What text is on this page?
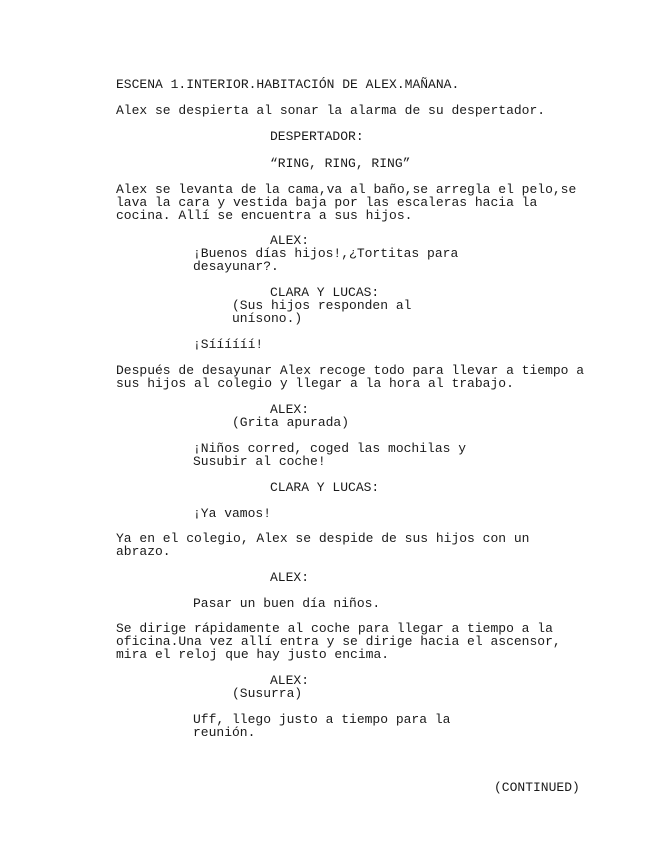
ESCENA 1.INTERIOR.HABITACIÓN DE ALEX.MAÑANA.
Alex se despierta al sonar la alarma de su despertador.
DESPERTADOR:
“RING, RING, RING”
Alex se levanta de la cama,va al baño,se arregla el pelo,se
lava la cara y vestida baja por las escaleras hacia la
cocina. Allí se encuentra a sus hijos.
ALEX:
¡Buenos días hijos!,¿Tortitas para
desayunar?.
CLARA Y LUCAS:
(Sus hijos responden al
unísono.)
¡Síííííí!
Después de desayunar Alex recoge todo para llevar a tiempo a
sus hijos al colegio y llegar a la hora al trabajo.
ALEX:
(Grita apurada)
¡Niños corred, coged las mochilas y
Susubir al coche!
CLARA Y LUCAS:
¡Ya vamos!
Ya en el colegio, Alex se despide de sus hijos con un
abrazo.
ALEX:
Pasar un buen día niños.
Se dirige rápidamente al coche para llegar a tiempo a la
oficina.Una vez allí entra y se dirige hacia el ascensor,
mira el reloj que hay justo encima.
ALEX:
(Susurra)
Uff, llego justo a tiempo para la
reunión.
(CONTINUED)
